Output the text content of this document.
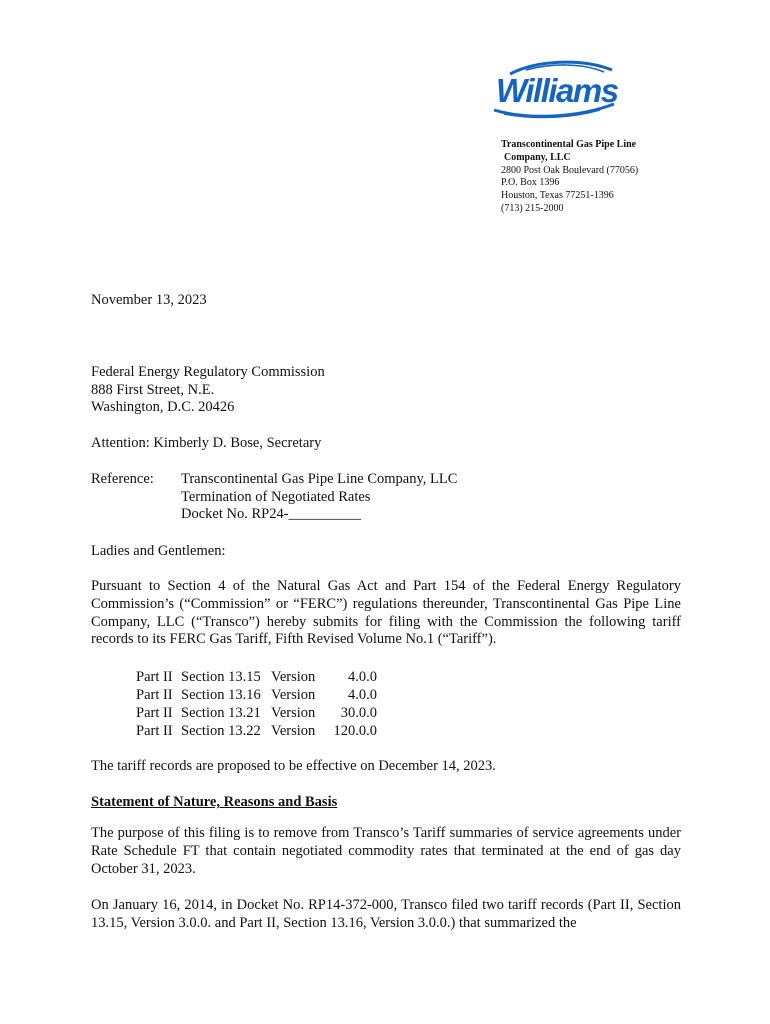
Williams
Transcontinental Gas Pipe Line
Company, LLC
2800 Post Oak Boulevard (77056)
P.O. Box 1396
Houston, Texas 77251-1396
(713) 215-2000
November 13, 2023
Federal Energy Regulatory Commission
888 First Street, N.E.
Washington, D.C. 20426
Attention: Kimberly D. Bose, Secretary
Reference:	Transcontinental Gas Pipe Line Company, LLC
Termination of Negotiated Rates
Docket No. RP24-__________
Ladies and Gentlemen:
Pursuant to Section 4 of the Natural Gas Act and Part 154 of the Federal Energy Regulatory Commission’s (“Commission” or “FERC”) regulations thereunder, Transcontinental Gas Pipe Line Company, LLC (“Transco”) hereby submits for filing with the Commission the following tariff records to its FERC Gas Tariff, Fifth Revised Volume No.1 (“Tariff”).
Part II Section 13.15 Version	4.0.0
Part II Section 13.16 Version	4.0.0
Part II Section 13.21 Version	30.0.0
Part II Section 13.22 Version	120.0.0
The tariff records are proposed to be effective on December 14, 2023.
Statement of Nature, Reasons and Basis
The purpose of this filing is to remove from Transco’s Tariff summaries of service agreements under Rate Schedule FT that contain negotiated commodity rates that terminated at the end of gas day October 31, 2023.
On January 16, 2014, in Docket No. RP14-372-000, Transco filed two tariff records (Part II, Section 13.15, Version 3.0.0. and Part II, Section 13.16, Version 3.0.0.) that summarized the
